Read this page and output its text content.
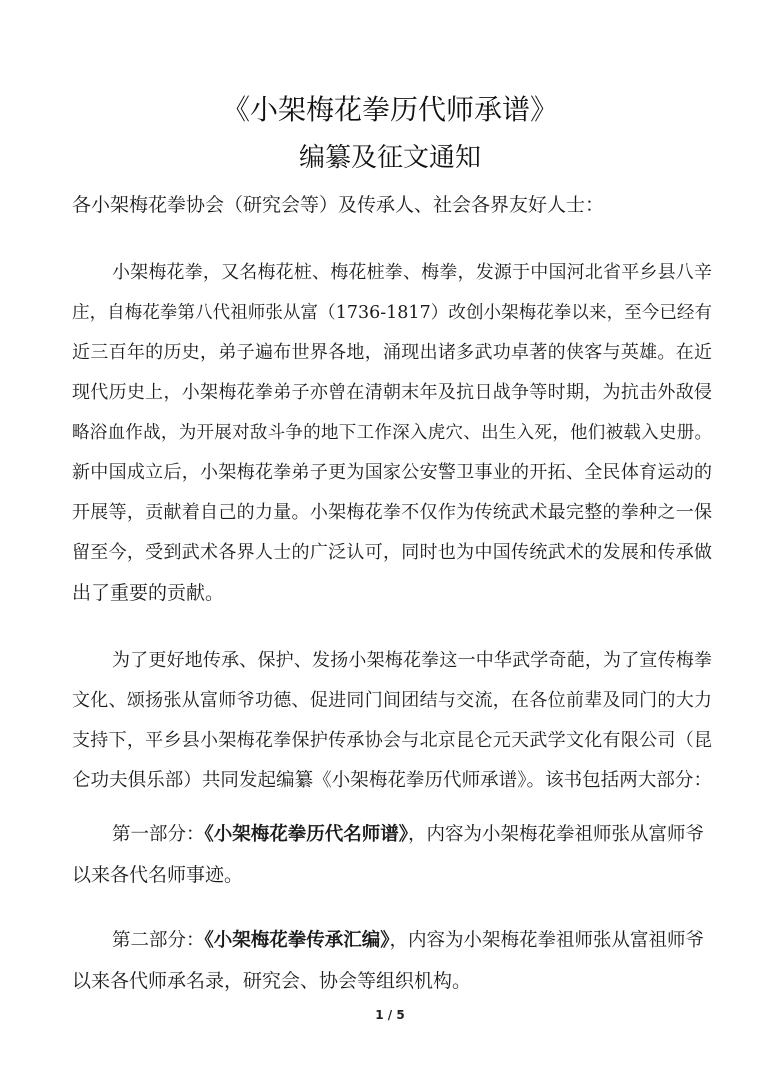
《小架梅花拳历代师承谱》
编纂及征文通知
各小架梅花拳协会（研究会等）及传承人、社会各界友好人士：
小架梅花拳，又名梅花桩、梅花桩拳、梅拳，发源于中国河北省平乡县八辛
庄，自梅花拳第八代祖师张从富（1736-1817）改创小架梅花拳以来，至今已经有
近三百年的历史，弟子遍布世界各地，涌现出诸多武功卓著的侠客与英雄。在近
现代历史上，小架梅花拳弟子亦曾在清朝末年及抗日战争等时期，为抗击外敌侵
略浴血作战，为开展对敌斗争的地下工作深入虎穴、出生入死，他们被载入史册。
新中国成立后，小架梅花拳弟子更为国家公安警卫事业的开拓、全民体育运动的
开展等，贡献着自己的力量。小架梅花拳不仅作为传统武术最完整的拳种之一保
留至今，受到武术各界人士的广泛认可，同时也为中国传统武术的发展和传承做
出了重要的贡献。
为了更好地传承、保护、发扬小架梅花拳这一中华武学奇葩，为了宣传梅拳
文化、颂扬张从富师爷功德、促进同门间团结与交流，在各位前辈及同门的大力
支持下，平乡县小架梅花拳保护传承协会与北京昆仑元天武学文化有限公司（昆
仑功夫俱乐部）共同发起编纂《小架梅花拳历代师承谱》。该书包括两大部分：
第一部分：《小架梅花拳历代名师谱》，内容为小架梅花拳祖师张从富师爷
以来各代名师事迹。
第二部分：《小架梅花拳传承汇编》，内容为小架梅花拳祖师张从富祖师爷
以来各代师承名录，研究会、协会等组织机构。
1 / 5
